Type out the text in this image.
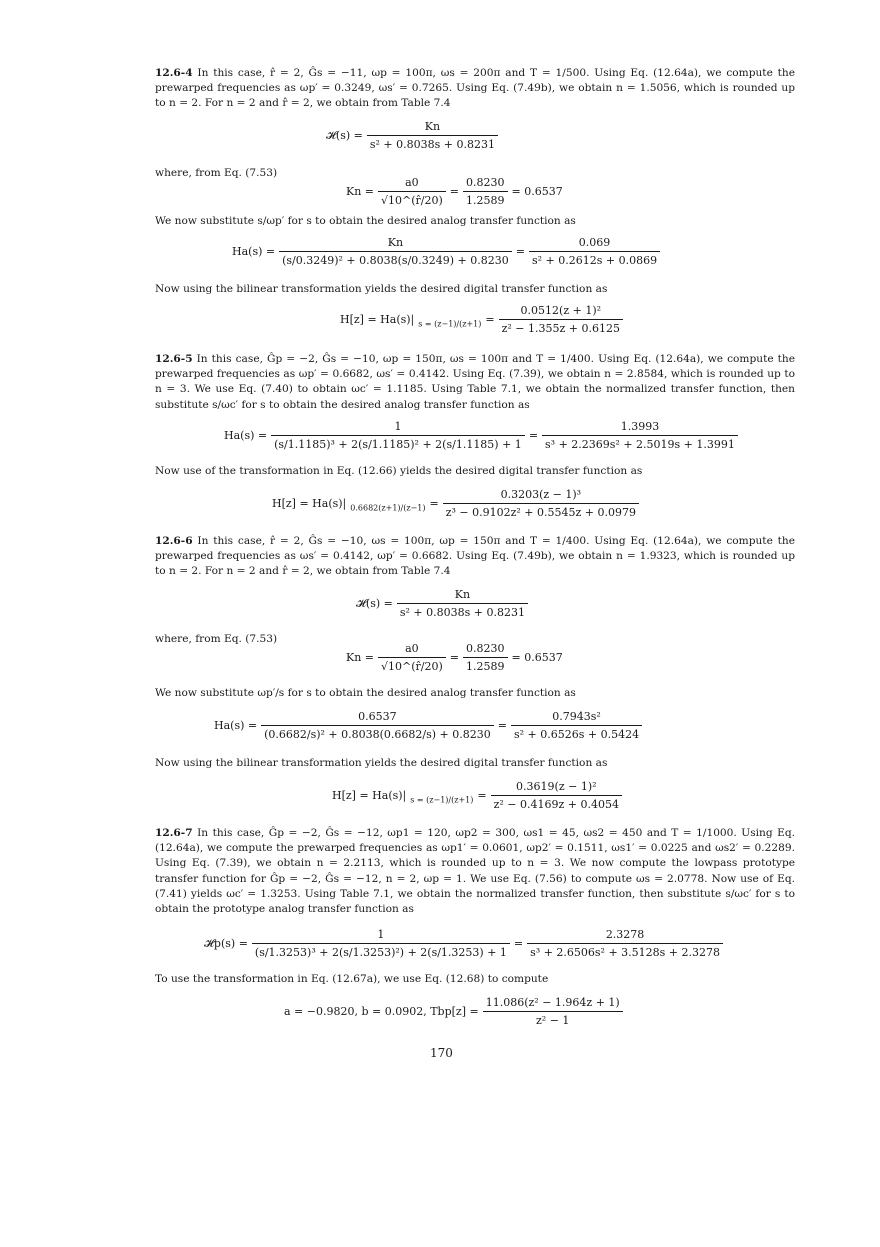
12.6-4 In this case, r̂ = 2, Ĝs = −11, ωp = 100π, ωs = 200π and T = 1/500. Using Eq. (12.64a), we compute the prewarped frequencies as ωp′ = 0.3249, ωs′ = 0.7265. Using Eq. (7.49b), we obtain n = 1.5056, which is rounded up to n = 2. For n = 2 and r̂ = 2, we obtain from Table 7.4

𝓗(s) = $\frac{Kn}{\text{s² + 0.8038s + 0.8231}}$

where, from Eq. (7.53)

$Kn = \frac{a0}{√10\^{}(r̂/20)} = \frac{0.8230}{1.2589} = 0.6537$

We now substitute s/ωp′ for s to obtain the desired analog transfer function as

$Ha(s) = \frac{Kn}{\text{(s/0.3249)² + 0.8038(s/0.3249) + 0.8230}} = \frac{0.069}{\text{s² + 0.2612s + 0.0869}}$

Now using the bilinear transformation yields the desired digital transfer function as

H[z] = Ha(s)| $_{s = (z-1)/(z+1)} = \frac{\text{0.0512(z + 1)²}}{\text{z² − 1.355z + 0.6125}}$

12.6-5 In this case, Ĝp = −2, Ĝs = −10, ωp = 150π, ωs = 100π and T = 1/400. Using Eq. (12.64a), we compute the prewarped frequencies as ωp′ = 0.6682, ωs′ = 0.4142. Using Eq. (7.39), we obtain n = 2.8584, which is rounded up to n = 3. We use Eq. (7.40) to obtain ωc′ = 1.1185. Using Table 7.1, we obtain the normalized transfer function, then substitute s/ωc′ for s to obtain the desired analog transfer function as

$Ha(s) = \frac{1}{\text{(s/1.1185)³ + 2(s/1.1185)² + 2(s/1.1185) + 1}} = \frac{1.3993}{\text{s³ + 2.2369s² + 2.5019s + 1.3991}}$

Now use of the transformation in Eq. (12.66) yields the desired digital transfer function as

H[z] = Ha(s)| $_{0.6682(z+1)/(z-1)} = \frac{\text{0.3203(z − 1)³}}{\text{z³ − 0.9102z² + 0.5545z + 0.0979}}$

12.6-6 In this case, r̂ = 2, Ĝs = −10, ωs = 100π, ωp = 150π and T = 1/400. Using Eq. (12.64a), we compute the prewarped frequencies as ωs′ = 0.4142, ωp′ = 0.6682. Using Eq. (7.49b), we obtain n = 1.9323, which is rounded up to n = 2. For n = 2 and r̂ = 2, we obtain from Table 7.4

𝓗(s) = $\frac{Kn}{\text{s² + 0.8038s + 0.8231}}$

where, from Eq. (7.53)

$Kn = \frac{a0}{√10\^{}(r̂/20)} = \frac{0.8230}{1.2589} = 0.6537$

We now substitute ωp′/s for s to obtain the desired analog transfer function as

$Ha(s) = \frac{0.6537}{\text{(0.6682/s)² + 0.8038(0.6682/s) + 0.8230}} = \frac{\text{0.7943s²}}{\text{s² + 0.6526s + 0.5424}}$

Now using the bilinear transformation yields the desired digital transfer function as

H[z] = Ha(s)| $_{s = (z-1)/(z+1)} = \frac{\text{0.3619(z − 1)²}}{\text{z² − 0.4169z + 0.4054}}$

12.6-7 In this case, Ĝp = −2, Ĝs = −12, ωp1 = 120, ωp2 = 300, ωs1 = 45, ωs2 = 450 and T = 1/1000. Using Eq. (12.64a), we compute the prewarped frequencies as ωp1′ = 0.0601, ωp2′ = 0.1511, ωs1′ = 0.0225 and ωs2′ = 0.2289. Using Eq. (7.39), we obtain n = 2.2113, which is rounded up to n = 3. We now compute the lowpass prototype transfer function for Ĝp = −2, Ĝs = −12, n = 2, ωp = 1. We use Eq. (7.56) to compute ωs = 2.0778. Now use of Eq. (7.41) yields ωc′ = 1.3253. Using Table 7.1, we obtain the normalized transfer function, then substitute s/ωc′ for s to obtain the prototype analog transfer function as

𝓗p(s) = $\frac{1}{\text{(s/1.3253)³ + 2(s/1.3253)²) + 2(s/1.3253) + 1}} = \frac{2.3278}{\text{s³ + 2.6506s² + 3.5128s + 2.3278}}$

To use the transformation in Eq. (12.67a), we use Eq. (12.68) to compute

a = −0.9820, b = 0.0902, $Tbp[z] = \frac{\text{11.086(z² − 1.964z + 1)}}{\text{z² − 1}}$
170
